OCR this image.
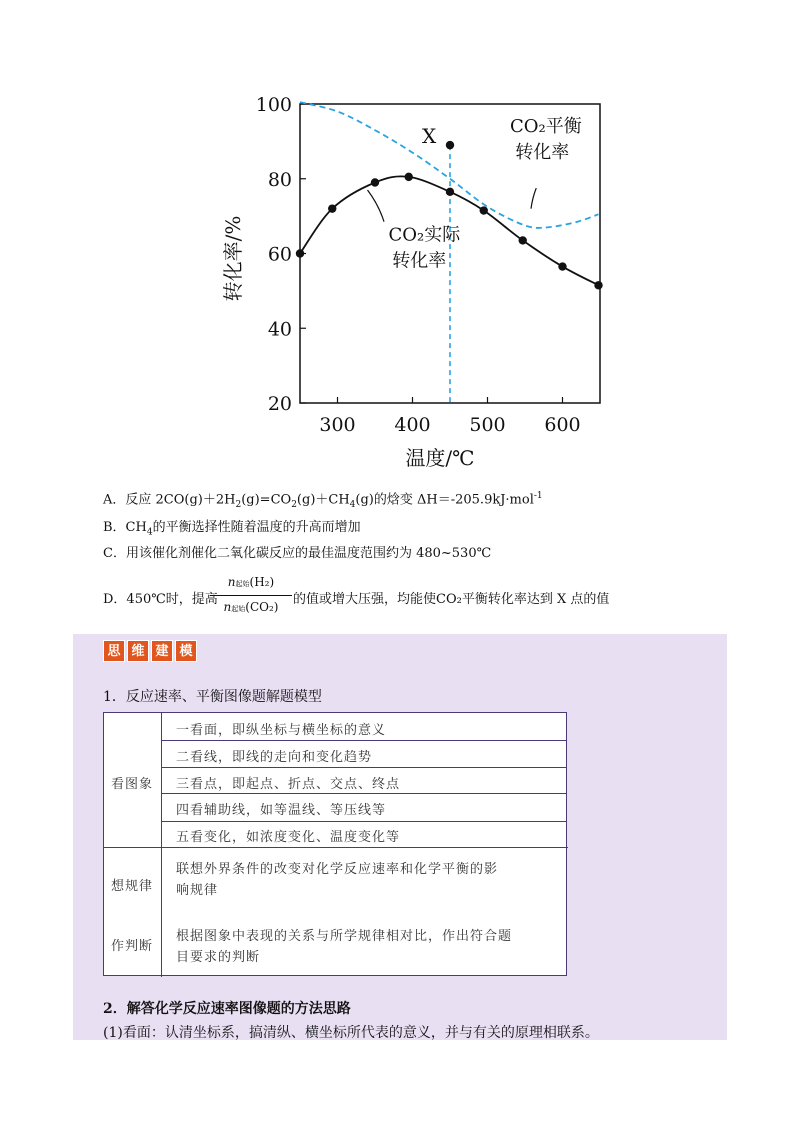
300 400 500 600
20
40
60
80
100
转化率/%
温度/℃
X	CO₂平衡
转化率
CO₂实际
转化率
A．反应 $2CO(g)+2H_2(g)=CO_2(g)+CH_4(g)$的焓变 ΔH＝-205.9kJ·mol$^{-1}$
B．$CH_4$的平衡选择性随着温度的升高而增加
C．用该催化剂催化二氧化碳反应的最佳温度范围约为 480~530℃
D．450℃时，提高
n起始(H₂)
n起始(CO₂)	的值或增大压强，均能使CO₂平衡转化率达到 X 点的值
思 维 建 模
1．反应速率、平衡图像题解题模型
看图象
想规律
作判断
一看面，即纵坐标与横坐标的意义
二看线，即线的走向和变化趋势
三看点，即起点、折点、交点、终点
四看辅助线，如等温线、等压线等
五看变化，如浓度变化、温度变化等
联想外界条件的改变对化学反应速率和化学平衡的影
响规律
根据图象中表现的关系与所学规律相对比，作出符合题
目要求的判断
2．解答化学反应速率图像题的方法思路
(1)看面：认清坐标系，搞清纵、横坐标所代表的意义，并与有关的原理相联系。
